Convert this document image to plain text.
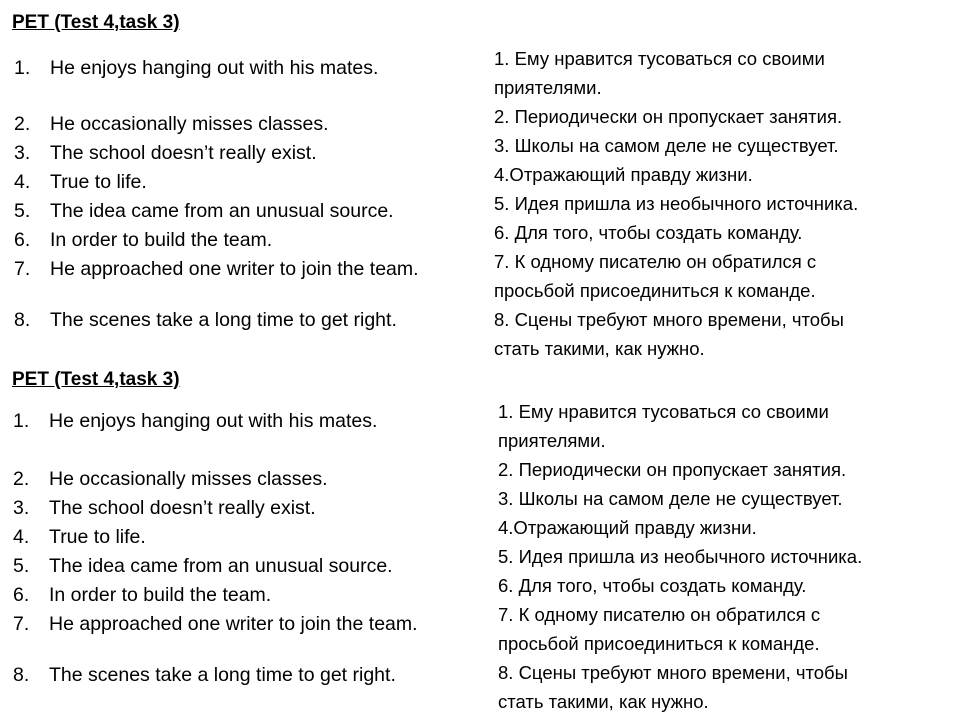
PET (Test 4,task 3)
1.	He enjoys hanging out with his mates.
2.	He occasionally misses classes.
3.	The school doesn’t really exist.
4.	True to life.
5.	The idea came from an unusual source.
6.	In order to build the team.
7.	He approached one writer to join the team.
8.	The scenes take a long time to get right.
1. Ему нравится тусоваться со своими
приятелями.
2. Периодически он пропускает занятия.
3. Школы на самом деле не существует.
4.Отражающий правду жизни.
5. Идея пришла из необычного источника.
6. Для того, чтобы создать команду.
7. К одному писателю он обратился с
просьбой присоединиться к команде.
8. Сцены требуют много времени, чтобы
стать такими, как нужно.
PET (Test 4,task 3)
1.	He enjoys hanging out with his mates.
2.	He occasionally misses classes.
3.	The school doesn’t really exist.
4.	True to life.
5.	The idea came from an unusual source.
6.	In order to build the team.
7.	He approached one writer to join the team.
8.	The scenes take a long time to get right.
1. Ему нравится тусоваться со своими
приятелями.
2. Периодически он пропускает занятия.
3. Школы на самом деле не существует.
4.Отражающий правду жизни.
5. Идея пришла из необычного источника.
6. Для того, чтобы создать команду.
7. К одному писателю он обратился с
просьбой присоединиться к команде.
8. Сцены требуют много времени, чтобы
стать такими, как нужно.
